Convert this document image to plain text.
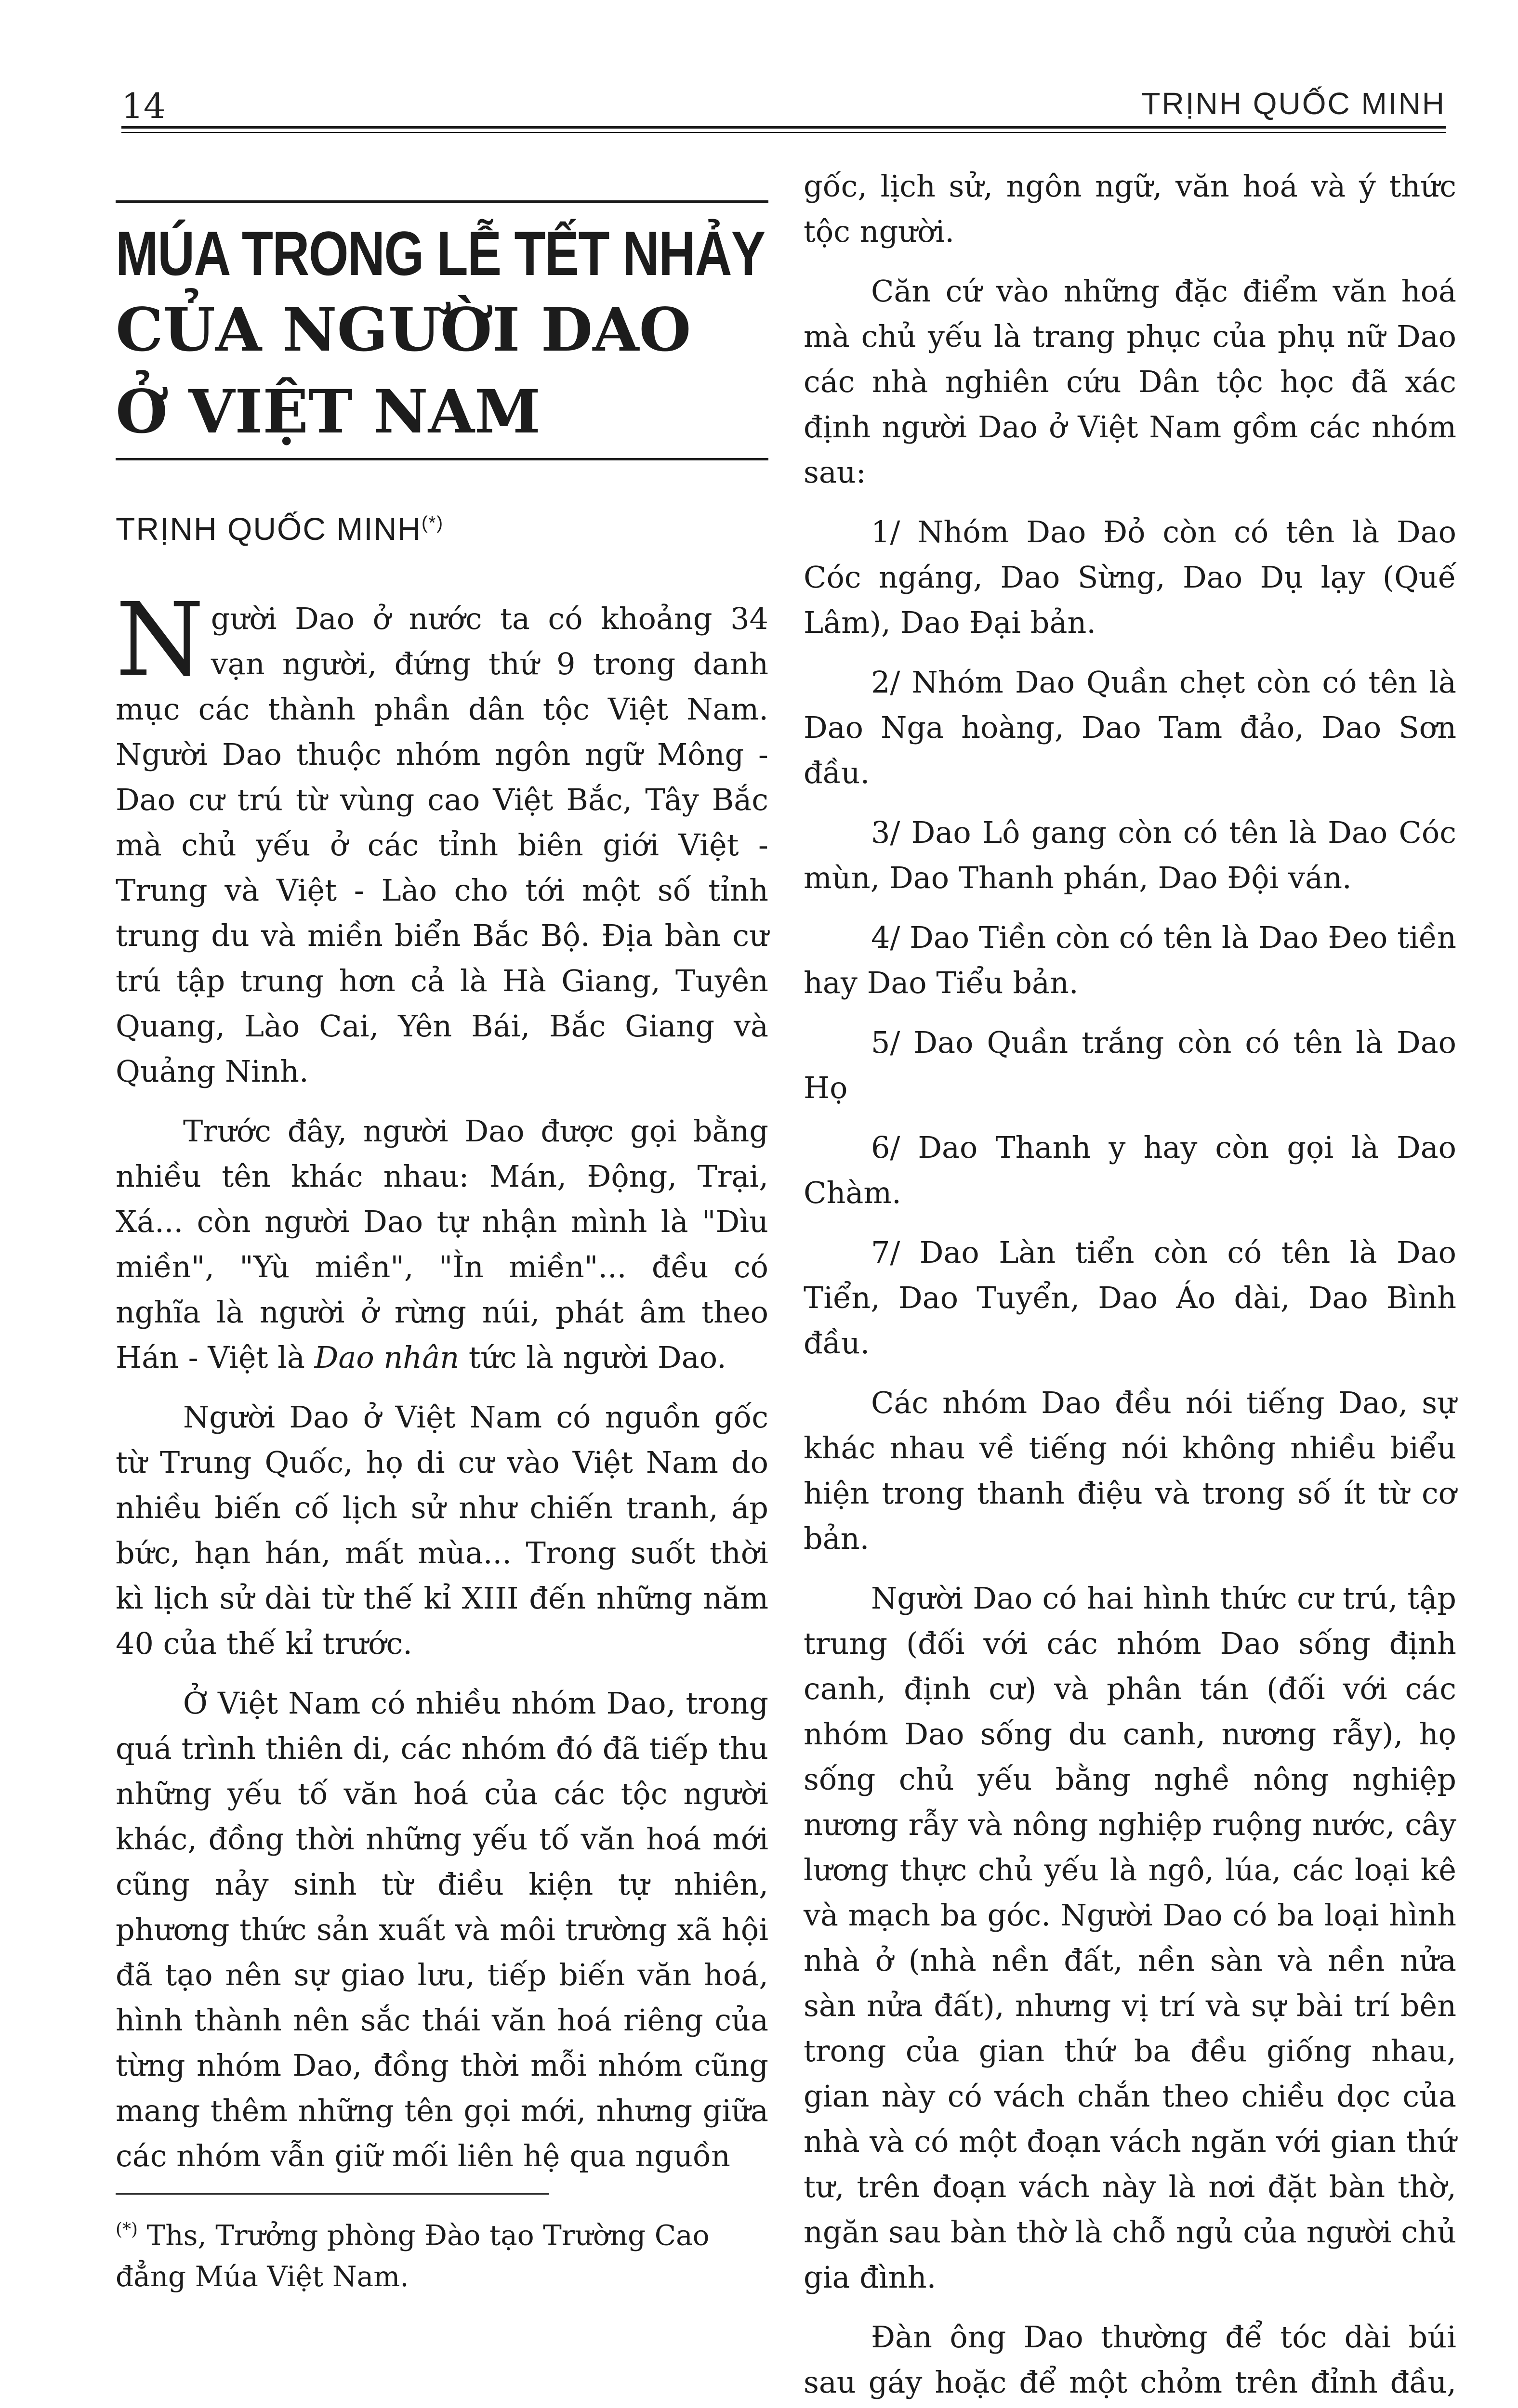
14	TRỊNH QUỐC MINH
MÚA TRONG LỄ TẾT NHẢY
CỦA NGƯỜI DAO
Ở VIỆT NAM
TRỊNH QUỐC MINH(*)

Người Dao ở nước ta có khoảng 34 vạn người, đứng thứ 9 trong danh mục các thành phần dân tộc Việt Nam. Người Dao thuộc nhóm ngôn ngữ Mông - Dao cư trú từ vùng cao Việt Bắc, Tây Bắc mà chủ yếu ở các tỉnh biên giới Việt - Trung và Việt - Lào cho tới một số tỉnh trung du và miền biển Bắc Bộ. Địa bàn cư trú tập trung hơn cả là Hà Giang, Tuyên Quang, Lào Cai, Yên Bái, Bắc Giang và Quảng Ninh.

Trước đây, người Dao được gọi bằng nhiều tên khác nhau: Mán, Động, Trại, Xá... còn người Dao tự nhận mình là "Dìu miền", "Yù miền", "Ìn miền"... đều có nghĩa là người ở rừng núi, phát âm theo Hán - Việt là Dao nhân tức là người Dao.

Người Dao ở Việt Nam có nguồn gốc từ Trung Quốc, họ di cư vào Việt Nam do nhiều biến cố lịch sử như chiến tranh, áp bức, hạn hán, mất mùa... Trong suốt thời kì lịch sử dài từ thế kỉ XIII đến những năm 40 của thế kỉ trước.

Ở Việt Nam có nhiều nhóm Dao, trong quá trình thiên di, các nhóm đó đã tiếp thu những yếu tố văn hoá của các tộc người khác, đồng thời những yếu tố văn hoá mới cũng nảy sinh từ điều kiện tự nhiên, phương thức sản xuất và môi trường xã hội đã tạo nên sự giao lưu, tiếp biến văn hoá, hình thành nên sắc thái văn hoá riêng của từng nhóm Dao, đồng thời mỗi nhóm cũng mang thêm những tên gọi mới, nhưng giữa các nhóm vẫn giữ mối liên hệ qua nguồn

(*) Ths, Trưởng phòng Đào tạo Trường Cao đẳng Múa Việt Nam.

gốc, lịch sử, ngôn ngữ, văn hoá và ý thức tộc người.

Căn cứ vào những đặc điểm văn hoá mà chủ yếu là trang phục của phụ nữ Dao các nhà nghiên cứu Dân tộc học đã xác định người Dao ở Việt Nam gồm các nhóm sau:

1/ Nhóm Dao Đỏ còn có tên là Dao Cóc ngáng, Dao Sừng, Dao Dụ lạy (Quế Lâm), Dao Đại bản.

2/ Nhóm Dao Quần chẹt còn có tên là Dao Nga hoàng, Dao Tam đảo, Dao Sơn đầu.

3/ Dao Lô gang còn có tên là Dao Cóc mùn, Dao Thanh phán, Dao Đội ván.

4/ Dao Tiền còn có tên là Dao Đeo tiền hay Dao Tiểu bản.

5/ Dao Quần trắng còn có tên là Dao Họ

6/ Dao Thanh y hay còn gọi là Dao Chàm.

7/ Dao Làn tiển còn có tên là Dao Tiển, Dao Tuyển, Dao Áo dài, Dao Bình đầu.

Các nhóm Dao đều nói tiếng Dao, sự khác nhau về tiếng nói không nhiều biểu hiện trong thanh điệu và trong số ít từ cơ bản.

Người Dao có hai hình thức cư trú, tập trung (đối với các nhóm Dao sống định canh, định cư) và phân tán (đối với các nhóm Dao sống du canh, nương rẫy), họ sống chủ yếu bằng nghề nông nghiệp nương rẫy và nông nghiệp ruộng nước, cây lương thực chủ yếu là ngô, lúa, các loại kê và mạch ba góc. Người Dao có ba loại hình nhà ở (nhà nền đất, nền sàn và nền nửa sàn nửa đất), nhưng vị trí và sự bài trí bên trong của gian thứ ba đều giống nhau, gian này có vách chắn theo chiều dọc của nhà và có một đoạn vách ngăn với gian thứ tư, trên đoạn vách này là nơi đặt bàn thờ, ngăn sau bàn thờ là chỗ ngủ của người chủ gia đình.

Đàn ông Dao thường để tóc dài búi sau gáy hoặc để một chỏm trên đỉnh đầu,
